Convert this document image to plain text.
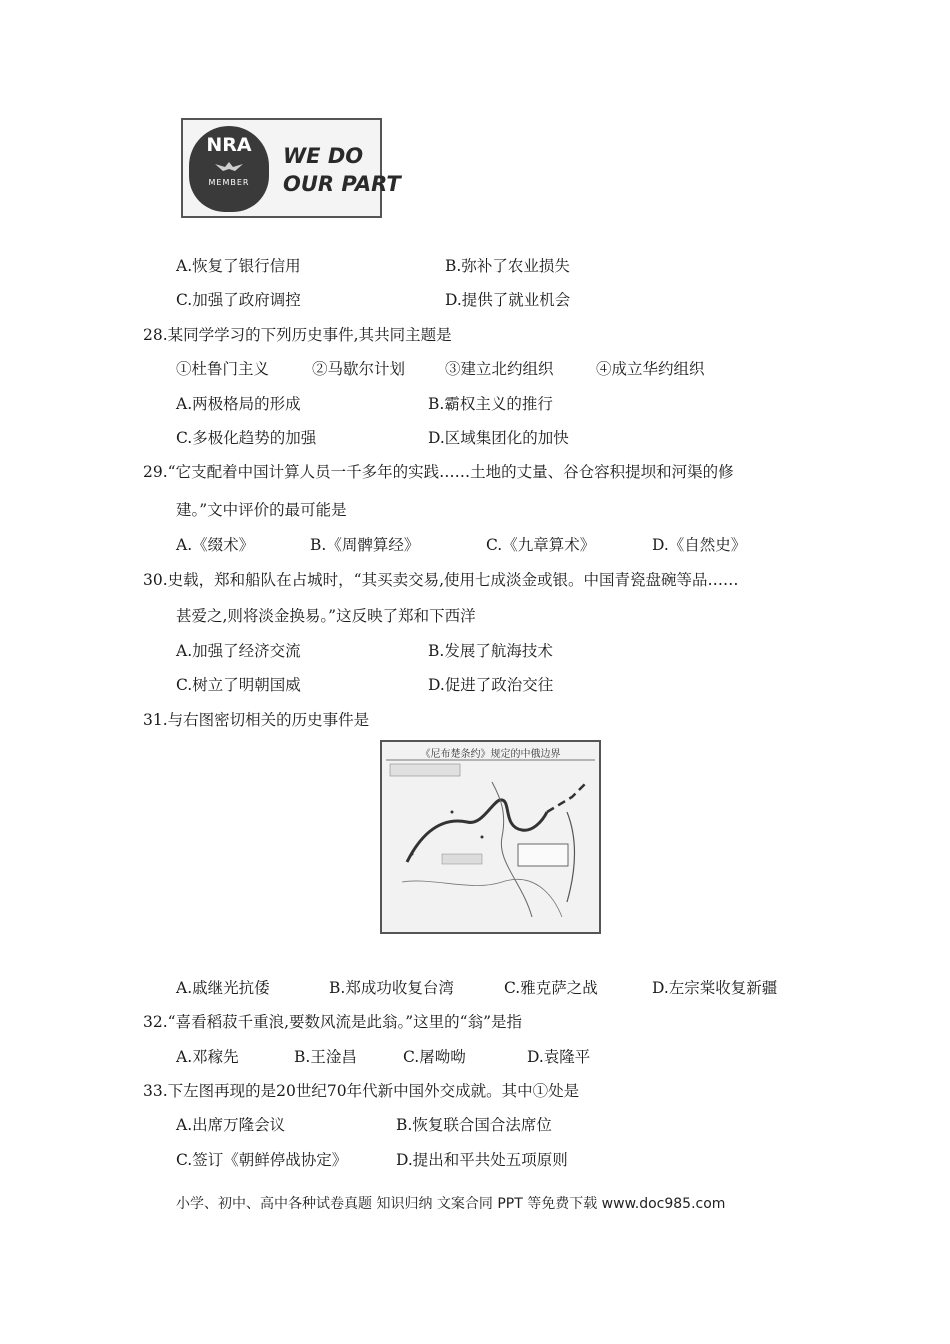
NRA
MEMBER
WE DO
OUR PART
A.恢复了银行信用	B.弥补了农业损失
C.加强了政府调控	D.提供了就业机会
28.某同学学习的下列历史事件,其共同主题是
①杜鲁门主义	②马歇尔计划	③建立北约组织	④成立华约组织
A.两极格局的形成	B.霸权主义的推行
C.多极化趋势的加强	D.区域集团化的加快
29.“它支配着中国计算人员一千多年的实践……土地的丈量、谷仓容积提坝和河渠的修
建。”文中评价的最可能是
A.《缀术》	B.《周髀算经》	C.《九章算术》	D.《自然史》
30.史载，郑和船队在占城时，“其买卖交易,使用七成淡金或银。中国青瓷盘碗等品……
甚爱之,则将淡金换易。”这反映了郑和下西洋
A.加强了经济交流	B.发展了航海技术
C.树立了明朝国威	D.促进了政治交往
31.与右图密切相关的历史事件是
《尼布楚条约》规定的中俄边界
A.戚继光抗倭	B.郑成功收复台湾	C.雅克萨之战	D.左宗棠收复新疆
32.“喜看稻菽千重浪,要数风流是此翁。”这里的“翁”是指
A.邓稼先	B.王淦昌	C.屠呦呦	D.袁隆平
33.下左图再现的是20世纪70年代新中国外交成就。其中①处是
A.出席万隆会议	B.恢复联合国合法席位
C.签订《朝鲜停战协定》	D.提出和平共处五项原则
小学、初中、高中各种试卷真题 知识归纳 文案合同 PPT 等免费下载 www.doc985.com
